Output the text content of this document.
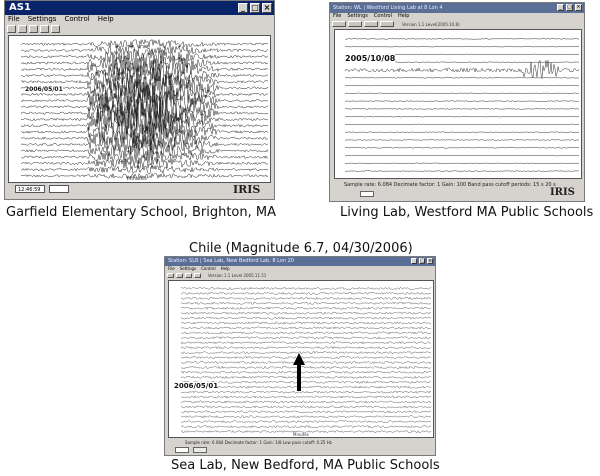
AS1	_ □ ×
File Settings Control Help
2006/05/01
Minutes
12:46:59	IRIS
Garfield Elementary School, Brighton, MA
Station: WL | Westford Living Lab at 8 Lon 4	_	□ ×
File Settings Control Help
Version 1.1 Level(2005.10.8)
2005/10/08
Sample rate: 6.084 Decimate factor: 1 Gain: 100 Band pass cutoff periods: 15 s 20 s
IRIS
Living Lab, Westford MA Public Schools
Chile (Magnitude 6.7, 04/30/2006)
Station: SLB | Sea Lab, New Bedford Lab, 8 Lon 20	_ □ ×
File Settings Control Help
Version 1.1 Level 2005.11.51
2006/05/01
Minutes
Sample rate: 6.084 Decimate factor: 1 Gain: 1/8 Low pass cutoff: 0.25 Hz
Sea Lab, New Bedford, MA Public Schools
